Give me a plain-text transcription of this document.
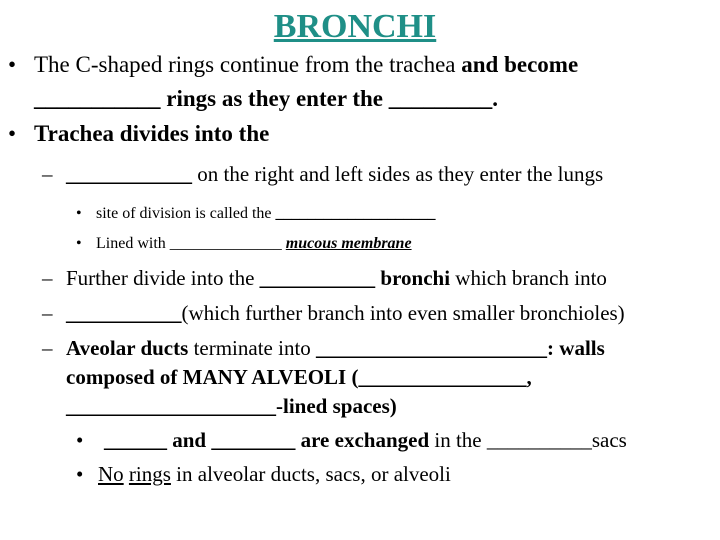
BRONCHI
• The C-shaped rings continue from the trachea and become
___________ rings as they enter the _________.
• Trachea divides into the
– ____________ on the right and left sides as they enter the lungs
• site of division is called the ____________________
• Lined with ______________ mucous membrane
– Further divide into the ___________ bronchi which branch into
– ___________(which further branch into even smaller bronchioles)
– Aveolar ducts terminate into ______________________: walls
composed of MANY ALVEOLI (________________,
____________________-lined spaces)
• ______ and ________ are exchanged in the __________sacs
• No rings in alveolar ducts, sacs, or alveoli
